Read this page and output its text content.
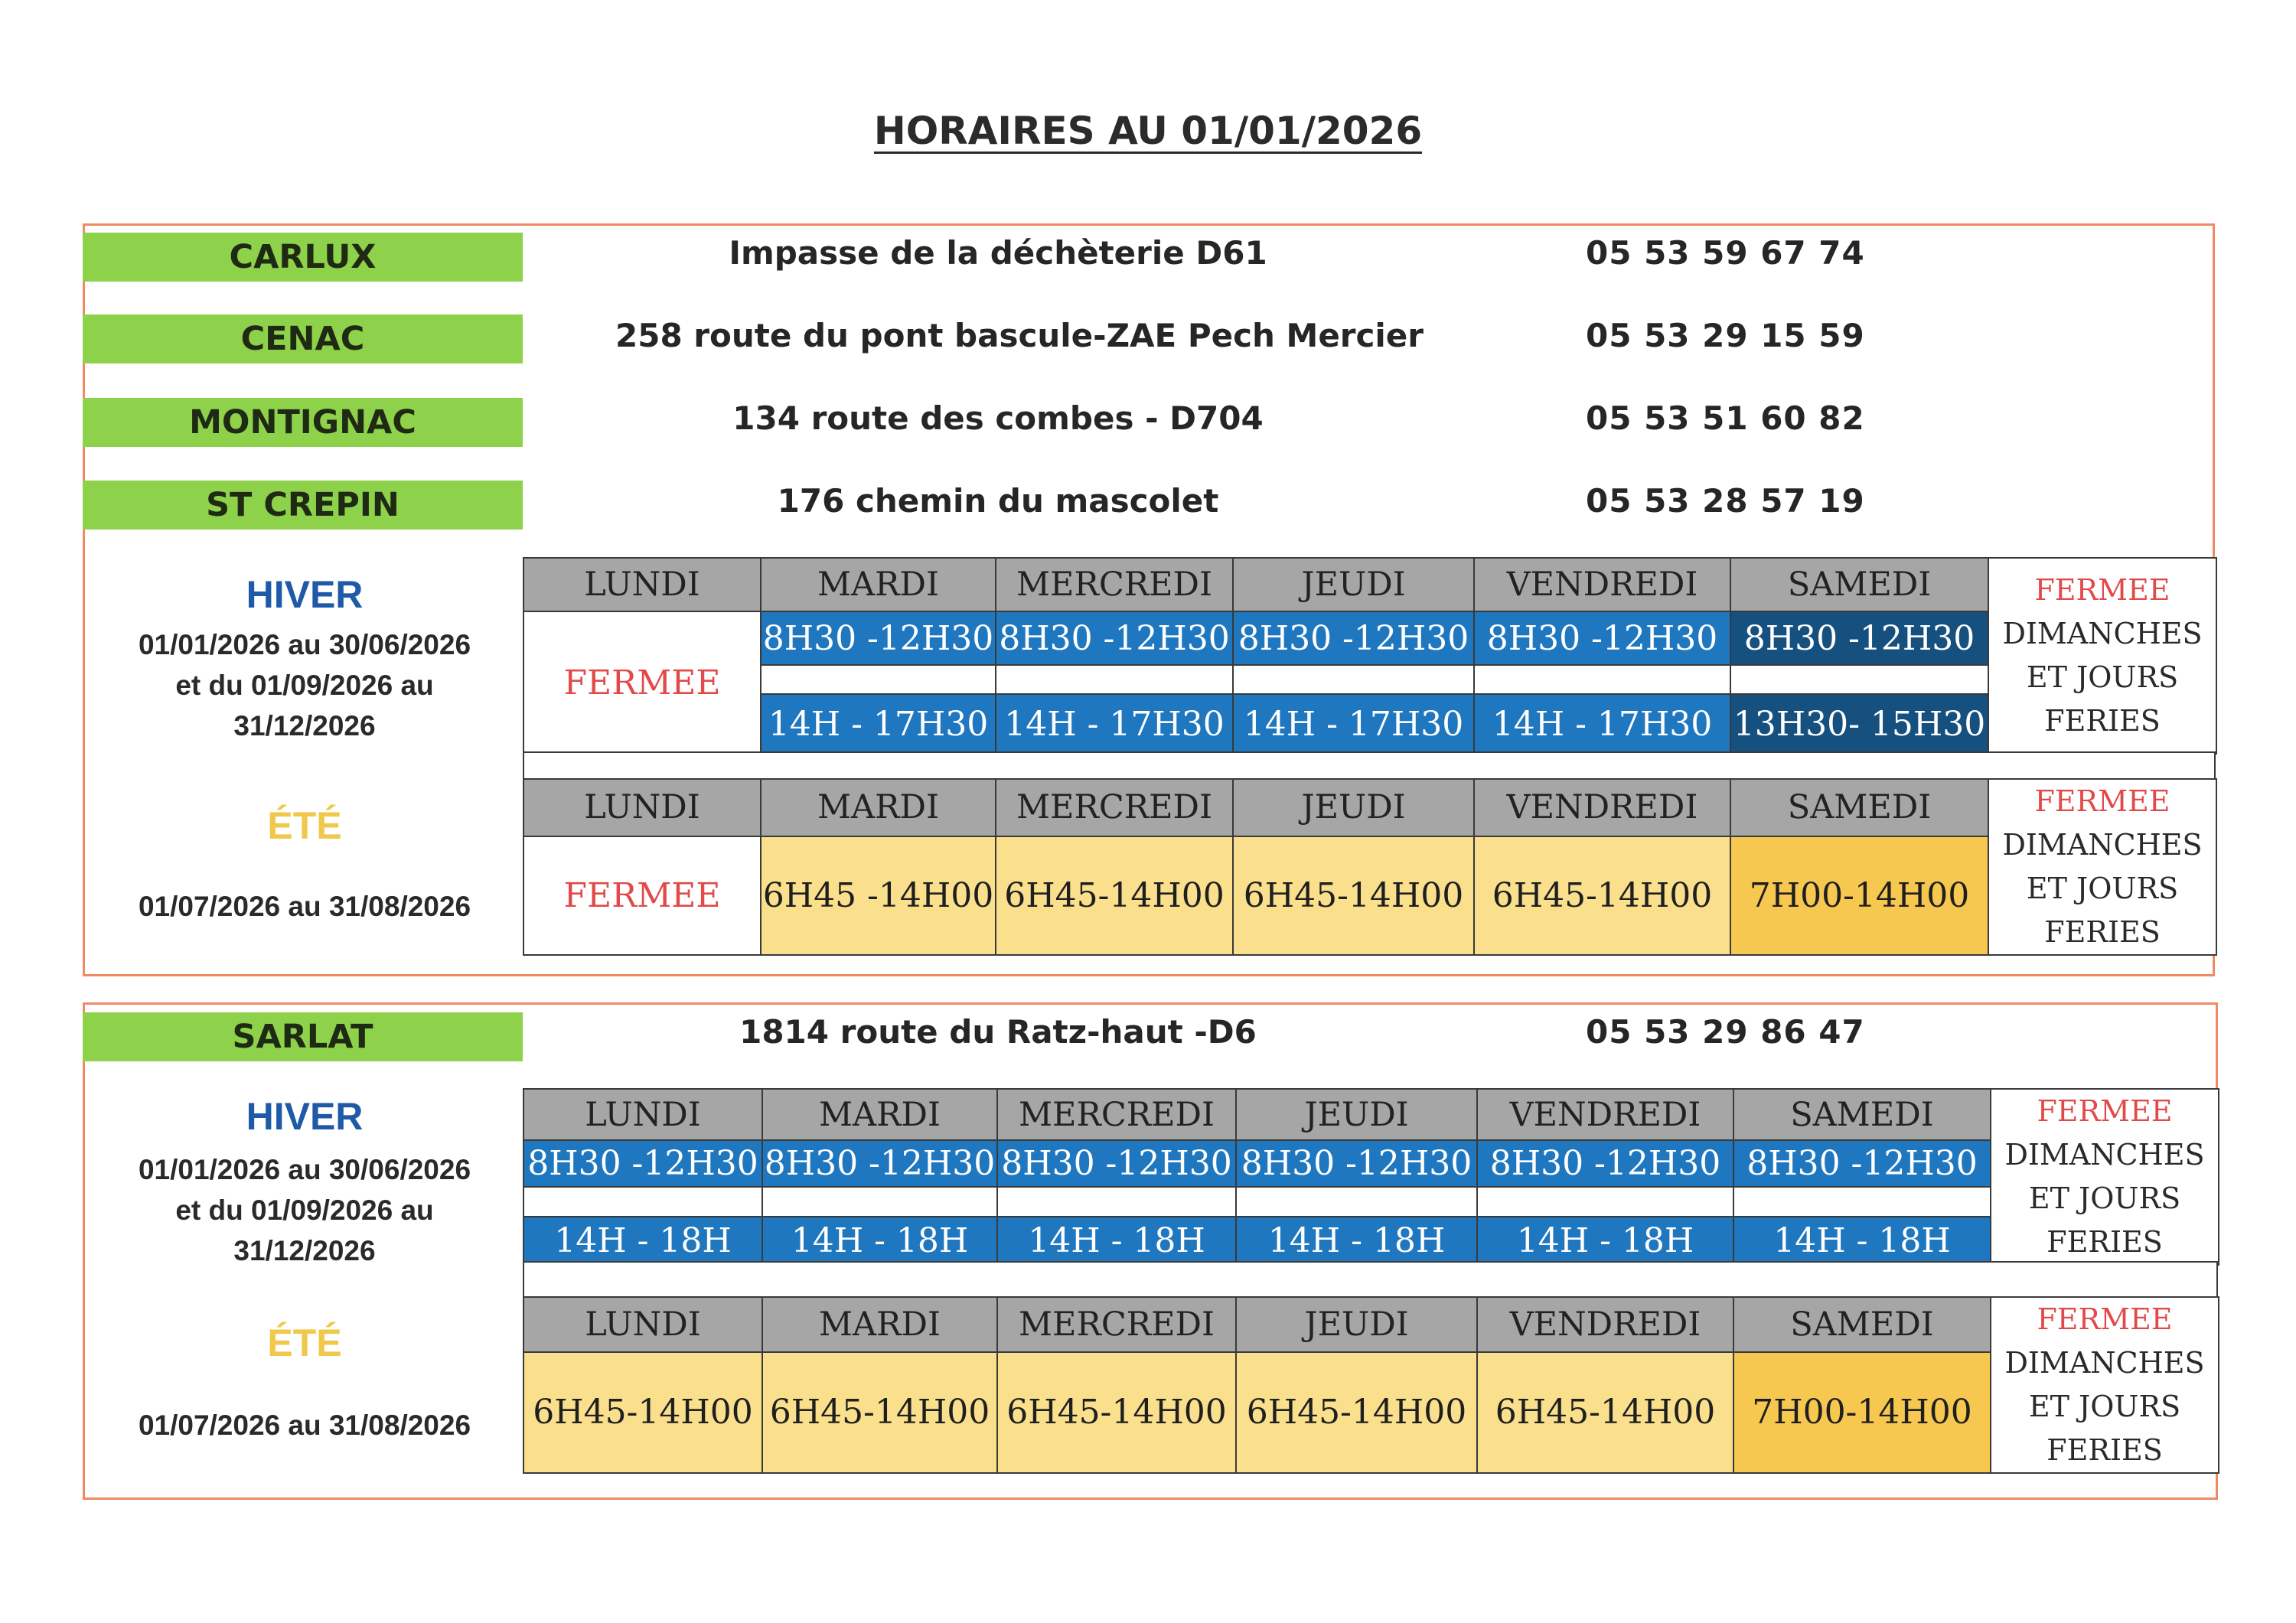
HORAIRES AU 01/01/2026
CARLUX	Impasse de la déchèterie D61	05 53 59 67 74
CENAC	258 route du pont bascule-ZAE Pech Mercier	05 53 29 15 59
MONTIGNAC	134 route des combes - D704	05 53 51 60 82
ST CREPIN	176 chemin du mascolet	05 53 28 57 19
HIVER
01/01/2026 au 30/06/2026
et du 01/09/2026 au
31/12/2026
LUNDI	MARDI	MERCREDI	JEUDI	VENDREDI	SAMEDI	FERMEE
DIMANCHES
ET JOURS
FERIES

FERMEE	8H30 -12H30	8H30 -12H30	8H30 -12H30	8H30 -12H30	8H30 -12H30	

	14H - 17H30	14H - 17H30	14H - 17H30	14H - 17H30	13H30- 15H30	
ÉTÉ
01/07/2026 au 31/08/2026
LUNDI	MARDI	MERCREDI	JEUDI	VENDREDI	SAMEDI	FERMEE
DIMANCHES
ET JOURS
FERIES

FERMEE	6H45 -14H00	6H45-14H00	6H45-14H00	6H45-14H00	7H00-14H00	
SARLAT	1814 route du Ratz-haut -D6	05 53 29 86 47
HIVER
01/01/2026 au 30/06/2026
et du 01/09/2026 au
31/12/2026
LUNDI	MARDI	MERCREDI	JEUDI	VENDREDI	SAMEDI	FERMEE
DIMANCHES
ET JOURS
FERIES

8H30 -12H30	8H30 -12H30	8H30 -12H30	8H30 -12H30	8H30 -12H30	8H30 -12H30	

14H - 18H	14H - 18H	14H - 18H	14H - 18H	14H - 18H	14H - 18H	
ÉTÉ
01/07/2026 au 31/08/2026
LUNDI	MARDI	MERCREDI	JEUDI	VENDREDI	SAMEDI	FERMEE
DIMANCHES
ET JOURS
FERIES

6H45-14H00	6H45-14H00	6H45-14H00	6H45-14H00	6H45-14H00	7H00-14H00	
